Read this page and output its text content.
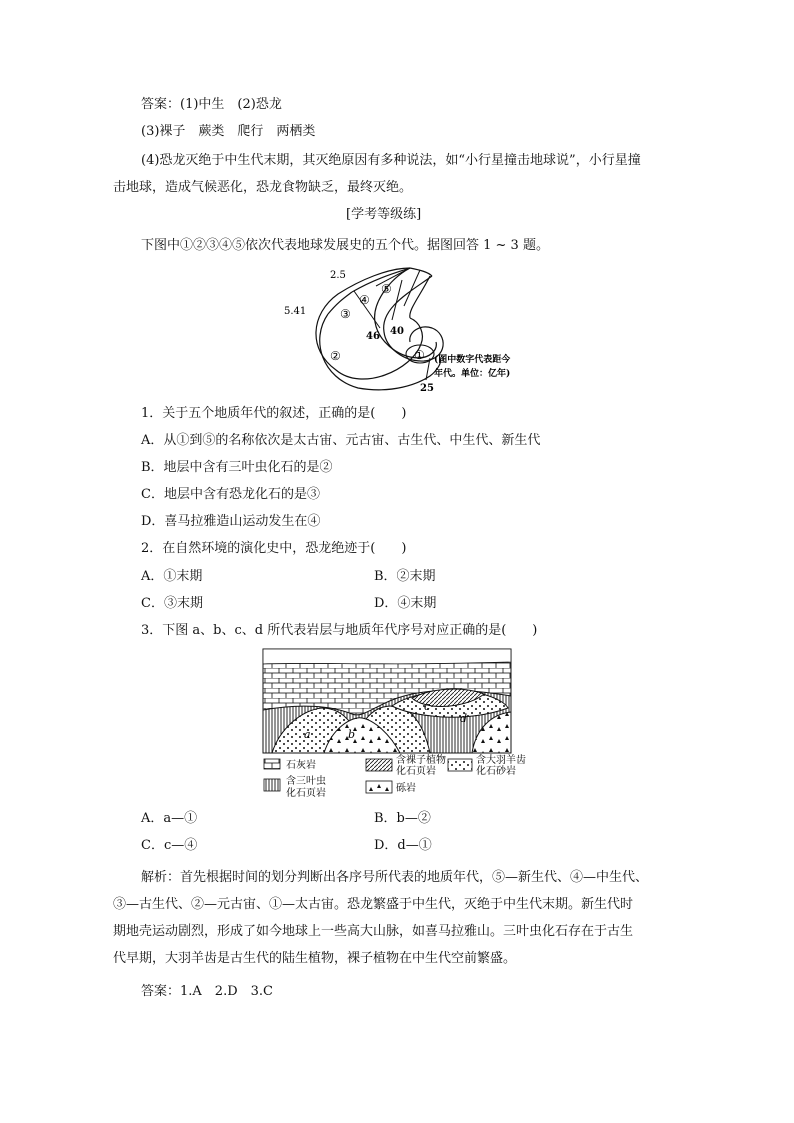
答案：(1)中生　(2)恐龙
(3)裸子　蕨类　爬行　两栖类
(4)恐龙灭绝于中生代末期，其灭绝原因有多种说法，如“小行星撞击地球说”，小行星撞
击地球，造成气候恶化，恐龙食物缺乏，最终灭绝。
[学考等级练]
下图中①②③④⑤依次代表地球发展史的五个代。据图回答 1 ~ 3 题。
2.5
5.41
46 40
25
①
②
③
④
⑤
(图中数字代表距今
年代。单位：亿年)
1．关于五个地质年代的叙述，正确的是(　　)
A．从①到⑤的名称依次是太古宙、元古宙、古生代、中生代、新生代
B．地层中含有三叶虫化石的是②
C．地层中含有恐龙化石的是③
D．喜马拉雅造山运动发生在④
2．在自然环境的演化史中，恐龙绝迹于(　　)
A．①末期	B．②末期
C．③末期	D．④末期
3．下图 a、b、c、d 所代表岩层与地质年代序号对应正确的是(　　)
a	b
c
d
石灰岩	含裸子植物
化石页岩
含大羽羊齿
化石砂岩
含三叶虫
化石页岩	砾岩
A．a—①	B．b—②
C．c—④	D．d—①
解析：首先根据时间的划分判断出各序号所代表的地质年代，⑤—新生代、④—中生代、
③—古生代、②—元古宙、①—太古宙。恐龙繁盛于中生代，灭绝于中生代末期。新生代时
期地壳运动剧烈，形成了如今地球上一些高大山脉，如喜马拉雅山。三叶虫化石存在于古生
代早期，大羽羊齿是古生代的陆生植物，裸子植物在中生代空前繁盛。
答案：1.A　2.D　3.C
